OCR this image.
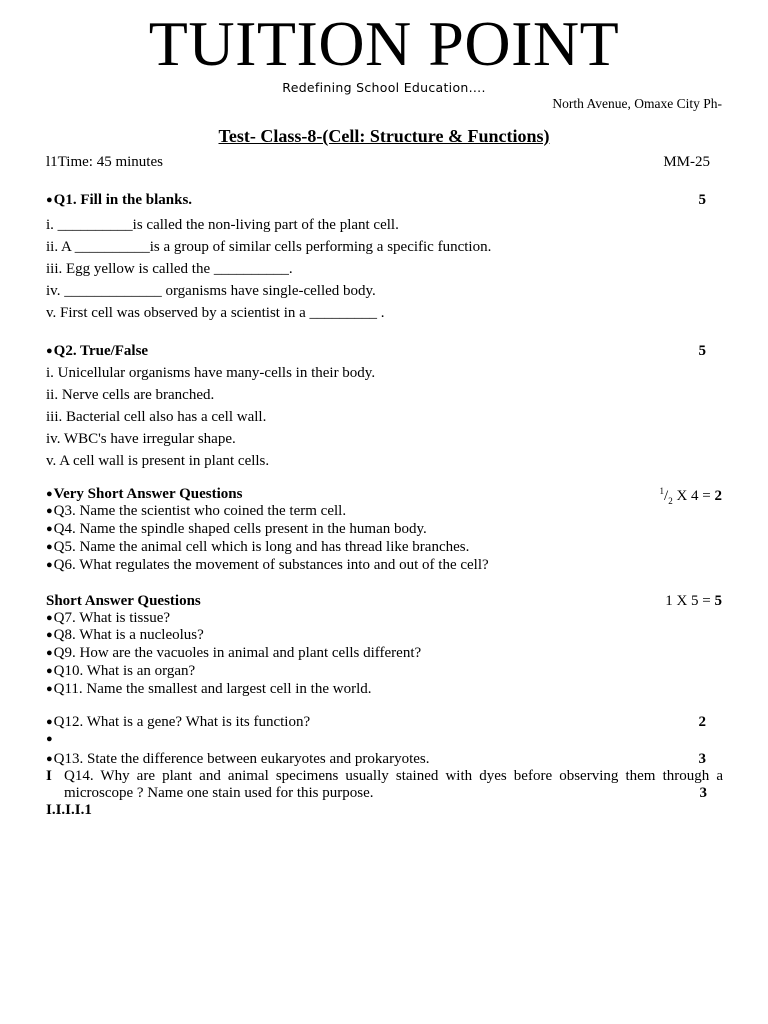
TUITION POINT
Redefining School Education....
North Avenue, Omaxe City Ph-
Test- Class-8-(Cell: Structure & Functions)
l1Time: 45 minutes	MM-25
●Q1. Fill in the blanks.	5
i. __________is called the non-living part of the plant cell.
ii. A __________is a group of similar cells performing a specific function.
iii. Egg yellow is called the __________.
iv. _____________ organisms have single-celled body.
v. First cell was observed by a scientist in a _________ .
●Q2. True/False	5
i. Unicellular organisms have many-cells in their body.
ii. Nerve cells are branched.
iii. Bacterial cell also has a cell wall.
iv. WBC's have irregular shape.
v. A cell wall is present in plant cells.
●Very Short Answer Questions	$^1/_2$ X 4 = 2
●Q3. Name the scientist who coined the term cell.
●Q4. Name the spindle shaped cells present in the human body.
●Q5. Name the animal cell which is long and has thread like branches.
●Q6. What regulates the movement of substances into and out of the cell?
Short Answer Questions	1 X 5 = 5
●Q7. What is tissue?
●Q8. What is a nucleolus?
●Q9. How are the vacuoles in animal and plant cells different?
●Q10. What is an organ?
●Q11. Name the smallest and largest cell in the world.
●Q12. What is a gene? What is its function?	2
●
●Q13. State the difference between eukaryotes and prokaryotes.	3
I Q14. Why are plant and animal specimens usually stained with dyes before observing them through a microscope ? Name one stain used for this purpose.	3
I.I.I.I.1
